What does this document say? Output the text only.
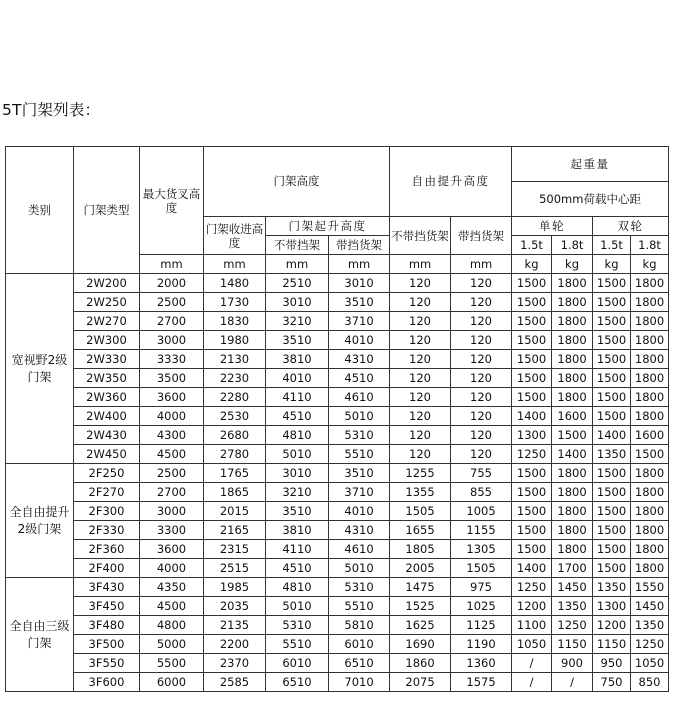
5T门架列表：
类别	门架类型	最大货叉高度	门架高度			自由提升高度		起重量			
								500mm荷载中心距			
			门架收进高度	门架起升高度		不带挡货架	带挡货架	单轮		双轮	
				不带挡架	带挡货架			1.5t	1.8t	1.5t	1.8t
		mm	mm	mm	mm	mm	mm	kg	kg	kg	kg
宽视野2级门架	2W200	2000	1480	2510	3010	120	120	1500	1800	1500	1800
	2W250	2500	1730	3010	3510	120	120	1500	1800	1500	1800
	2W270	2700	1830	3210	3710	120	120	1500	1800	1500	1800
	2W300	3000	1980	3510	4010	120	120	1500	1800	1500	1800
	2W330	3330	2130	3810	4310	120	120	1500	1800	1500	1800
	2W350	3500	2230	4010	4510	120	120	1500	1800	1500	1800
	2W360	3600	2280	4110	4610	120	120	1500	1800	1500	1800
	2W400	4000	2530	4510	5010	120	120	1400	1600	1500	1800
	2W430	4300	2680	4810	5310	120	120	1300	1500	1400	1600
	2W450	4500	2780	5010	5510	120	120	1250	1400	1350	1500
全自由提升2级门架	2F250	2500	1765	3010	3510	1255	755	1500	1800	1500	1800
	2F270	2700	1865	3210	3710	1355	855	1500	1800	1500	1800
	2F300	3000	2015	3510	4010	1505	1005	1500	1800	1500	1800
	2F330	3300	2165	3810	4310	1655	1155	1500	1800	1500	1800
	2F360	3600	2315	4110	4610	1805	1305	1500	1800	1500	1800
	2F400	4000	2515	4510	5010	2005	1505	1400	1700	1500	1800
全自由三级门架	3F430	4350	1985	4810	5310	1475	975	1250	1450	1350	1550
	3F450	4500	2035	5010	5510	1525	1025	1200	1350	1300	1450
	3F480	4800	2135	5310	5810	1625	1125	1100	1250	1200	1350
	3F500	5000	2200	5510	6010	1690	1190	1050	1150	1150	1250
	3F550	5500	2370	6010	6510	1860	1360	/	900	950	1050
	3F600	6000	2585	6510	7010	2075	1575	/	/	750	850
